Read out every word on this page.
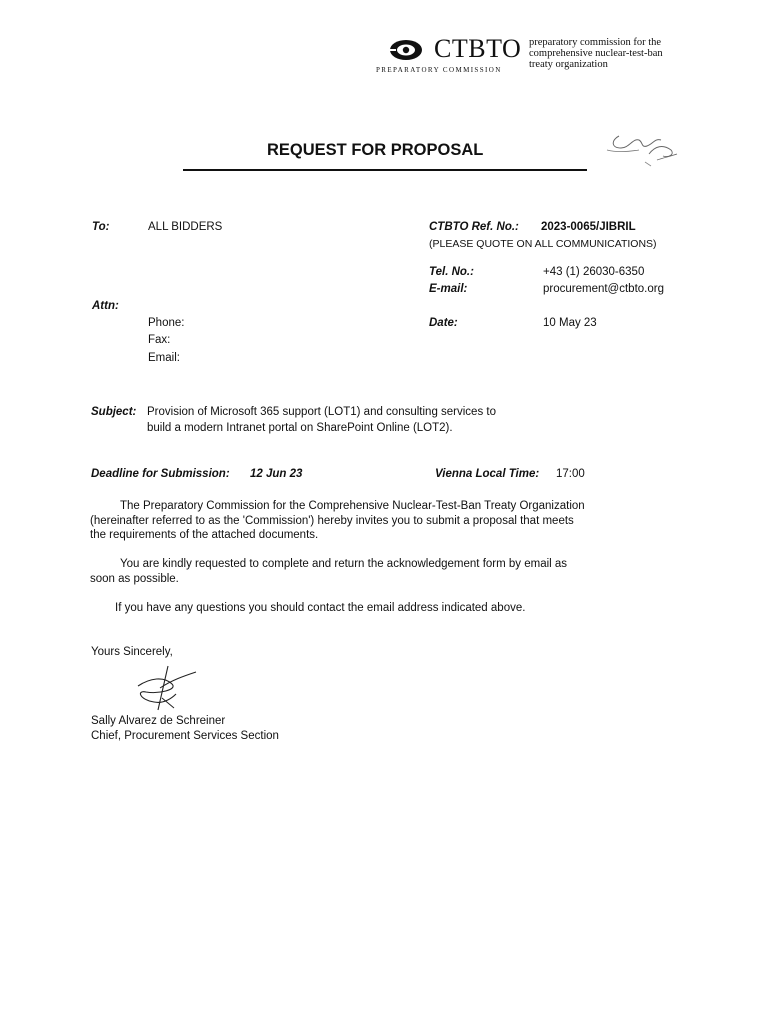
CTBTO
PREPARATORY COMMISSION
preparatory commission for the
comprehensive nuclear-test-ban
treaty organization
REQUEST FOR PROPOSAL
To:	ALL BIDDERS
Attn:
Phone:
Fax:
Email:
CTBTO Ref. No.: 2023-0065/JIBRIL
(PLEASE QUOTE ON ALL COMMUNICATIONS)
Tel. No.:	+43 (1) 26030-6350
E-mail:	procurement@ctbto.org
Date:	10 May 23
Subject: Provision of Microsoft 365 support (LOT1) and consulting services to
build a modern Intranet portal on SharePoint Online (LOT2).
Deadline for Submission: 12 Jun 23	Vienna Local Time: 17:00
The Preparatory Commission for the Comprehensive Nuclear-Test-Ban Treaty Organization
(hereinafter referred to as the 'Commission') hereby invites you to submit a proposal that meets
the requirements of the attached documents.
You are kindly requested to complete and return the acknowledgement form by email as
soon as possible.
If you have any questions you should contact the email address indicated above.
Yours Sincerely,
Sally Alvarez de Schreiner
Chief, Procurement Services Section
